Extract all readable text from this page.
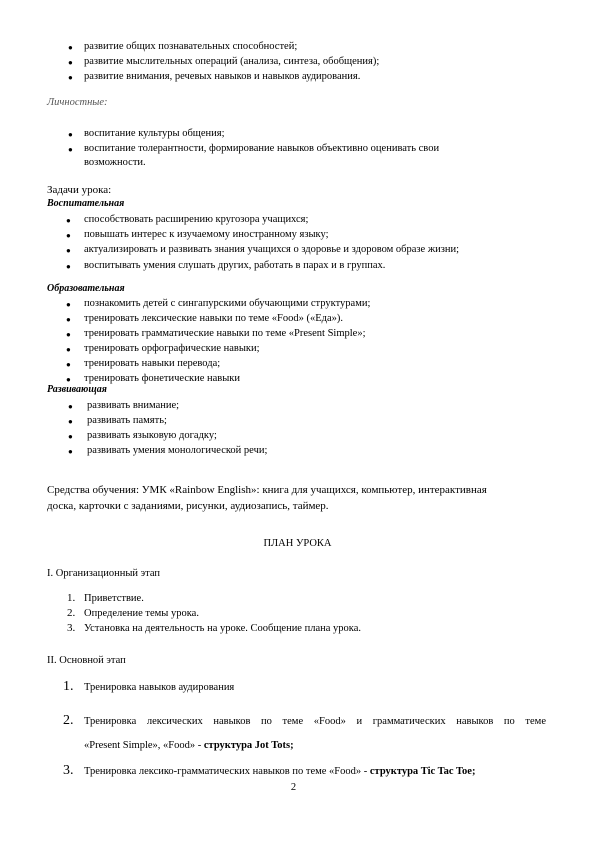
● развитие общих познавательных способностей;
● развитие мыслительных операций (анализа, синтеза, обобщения);
● развитие внимания, речевых навыков и навыков аудирования.
Личностные:
● воспитание культуры общения;
● воспитание толерантности, формирование навыков объективно оценивать свои
возможности.
Задачи урока:
Воспитательная
● способствовать расширению кругозора учащихся;
● повышать интерес к изучаемому иностранному языку;
● актуализировать и развивать знания учащихся о здоровье и здоровом образе жизни;
● воспитывать умения слушать других, работать в парах и в группах.
Образовательная
● познакомить детей с сингапурскими обучающими структурами;
● тренировать лексические навыки по теме «Food» («Еда»).
● тренировать грамматические навыки по теме «Present Simple»;
● тренировать орфографические навыки;
● тренировать навыки перевода;
● тренировать фонетические навыки
Развивающая
● развивать внимание;
● развивать память;
● развивать языковую догадку;
● развивать умения монологической речи;
Средства обучения: УМК «Rainbow English»: книга для учащихся, компьютер, интерактивная
доска, карточки с заданиями, рисунки, аудиозапись, таймер.
ПЛАН УРОКА
I. Организационный этап
1. Приветствие.
2. Определение темы урока.
3. Установка на деятельность на уроке. Сообщение плана урока.
II. Основной этап
1. Тренировка навыков аудирования
2. Тренировка лексических навыков по теме «Food» и грамматических навыков по теме
«Present Simple», «Food» - структура Jot Tots;
3. Тренировка лексико-грамматических навыков по теме «Food» - структура Tic Tac Toe;
2
